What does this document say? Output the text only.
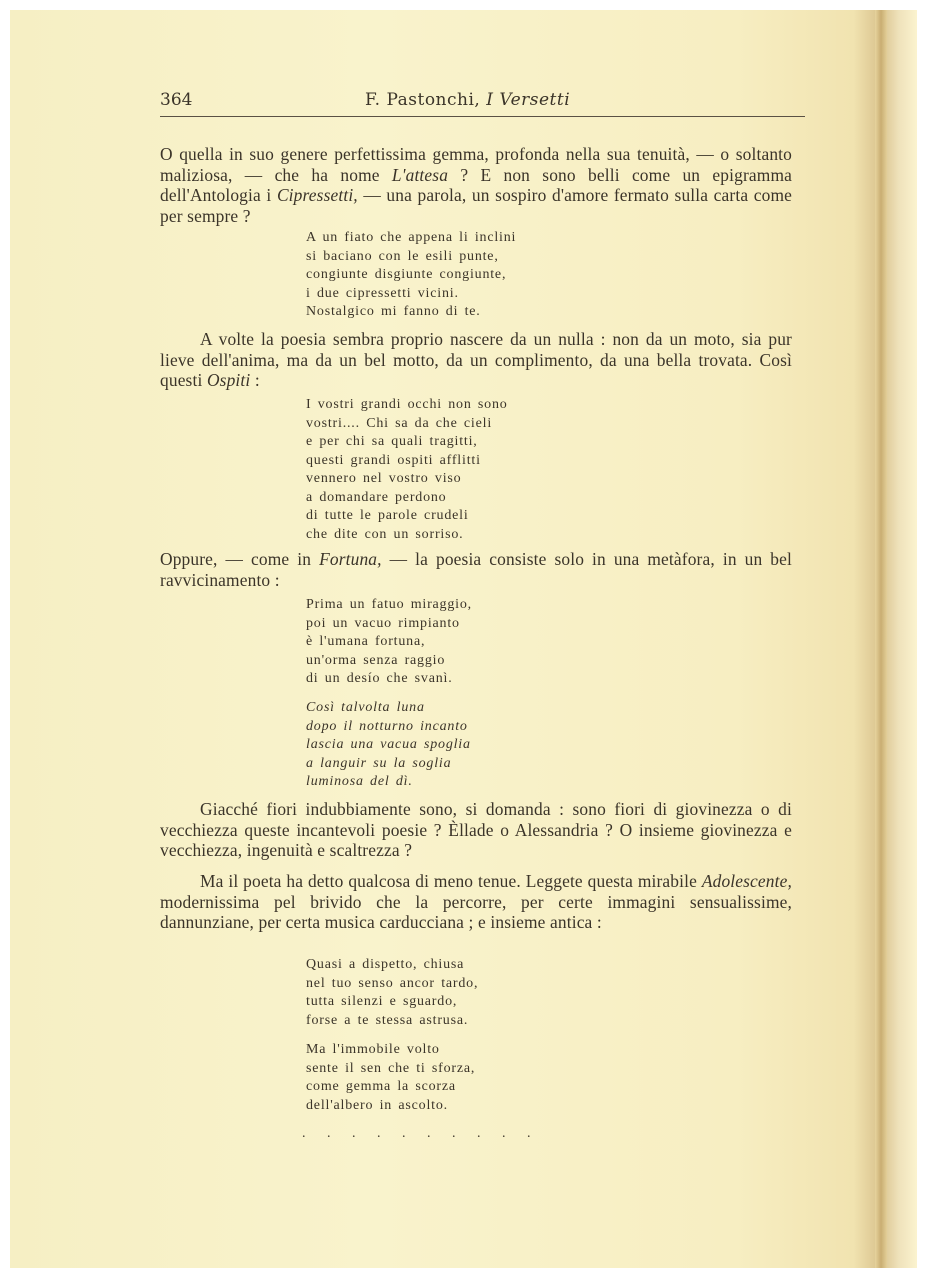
364	F. Pastonchi, I Versetti

O quella in suo genere perfettissima gemma, profonda nella sua tenuità, — o soltanto maliziosa, — che ha nome L'attesa ? E non sono belli come un epigramma dell'Antologia i Cipressetti, — una parola, un sospiro d'amore fermato sulla carta come per sempre ?

A un fiato che appena li inclini
si baciano con le esili punte,
congiunte disgiunte congiunte,
i due cipressetti vicini.
Nostalgico mi fanno di te.

A volte la poesia sembra proprio nascere da un nulla : non da un moto, sia pur lieve dell'anima, ma da un bel motto, da un complimento, da una bella trovata. Così questi Ospiti :

I vostri grandi occhi non sono
vostri.... Chi sa da che cieli
e per chi sa quali tragitti,
questi grandi ospiti afflitti
vennero nel vostro viso
a domandare perdono
di tutte le parole crudeli
che dite con un sorriso.

Oppure, — come in Fortuna, — la poesia consiste solo in una metàfora, in un bel ravvicinamento :

Prima un fatuo miraggio,
poi un vacuo rimpianto
è l'umana fortuna,
un'orma senza raggio
di un desío che svanì.
Così talvolta luna
dopo il notturno incanto
lascia una vacua spoglia
a languir su la soglia
luminosa del dì.

Giacché fiori indubbiamente sono, si domanda : sono fiori di giovinezza o di vecchiezza queste incantevoli poesie ? Èllade o Alessandria ? O insieme giovinezza e vecchiezza, ingenuità e scaltrezza ?

Ma il poeta ha detto qualcosa di meno tenue. Leggete questa mirabile Adolescente, modernissima pel brivido che la percorre, per certe immagini sensualissime, dannunziane, per certa musica carducciana ; e insieme antica :

Quasi a dispetto, chiusa
nel tuo senso ancor tardo,
tutta silenzi e sguardo,
forse a te stessa astrusa.
Ma l'immobile volto
sente il sen che ti sforza,
come gemma la scorza
dell'albero in ascolto.
. . . . . . . . . .
